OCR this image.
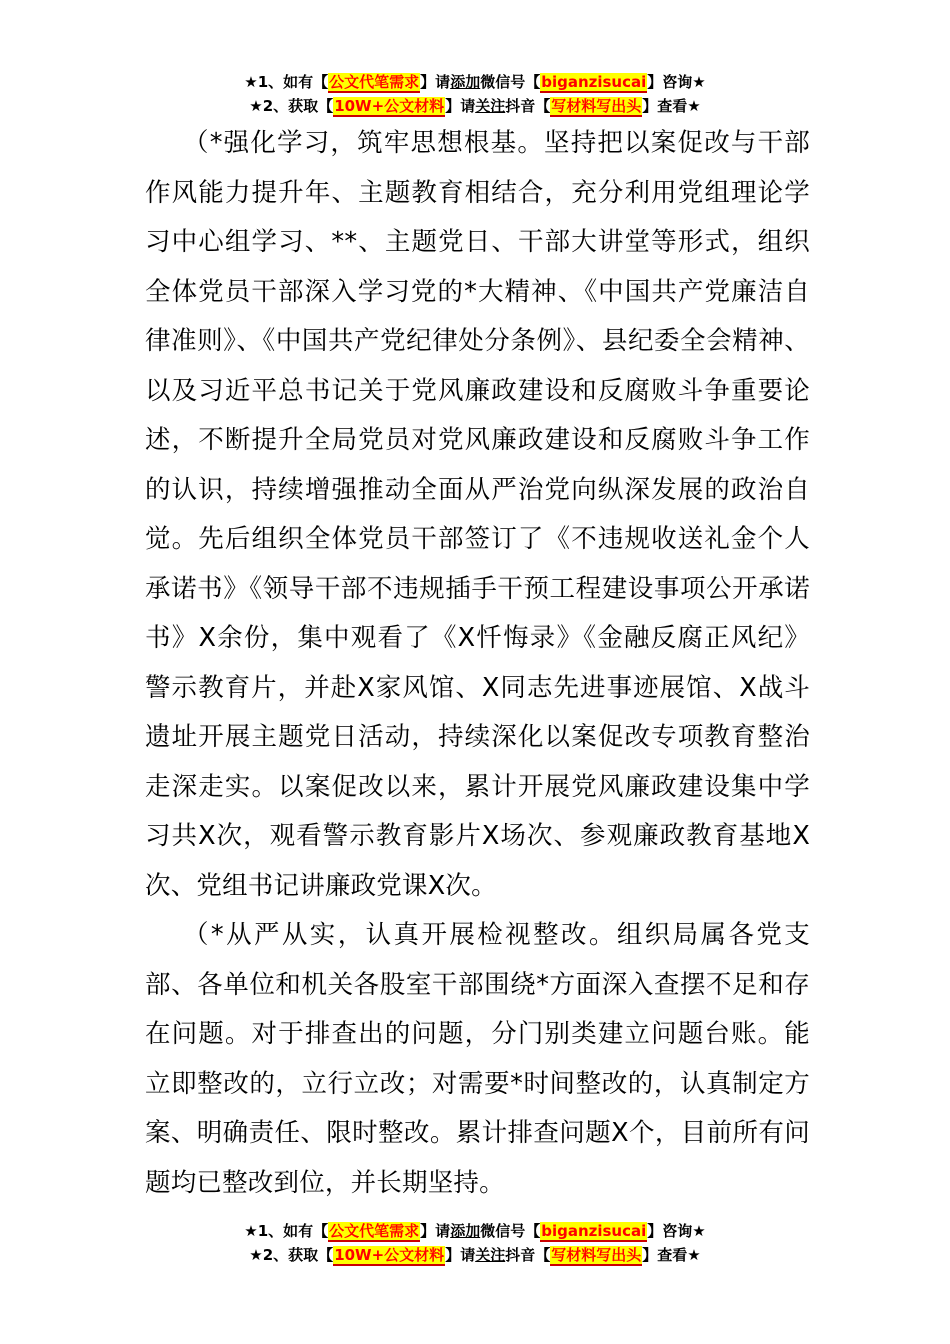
★1、如有【公文代笔需求】请添加微信号【biganzisucai】咨询★
★2、获取【10W+公文材料】请关注抖音【写材料写出头】查看★

（*强化学习，筑牢思想根基。坚持把以案促改与干部作风能力提升年、主题教育相结合，充分利用党组理论学习中心组学习、**、主题党日、干部大讲堂等形式，组织全体党员干部深入学习党的*大精神、《中国共产党廉洁自律准则》、《中国共产党纪律处分条例》、县纪委全会精神、以及习近平总书记关于党风廉政建设和反腐败斗争重要论述，不断提升全局党员对党风廉政建设和反腐败斗争工作的认识，持续增强推动全面从严治党向纵深发展的政治自觉。先后组织全体党员干部签订了《不违规收送礼金个人承诺书》《领导干部不违规插手干预工程建设事项公开承诺书》X余份，集中观看了《X忏悔录》《金融反腐正风纪》警示教育片，并赴X家风馆、X同志先进事迹展馆、X战斗遗址开展主题党日活动，持续深化以案促改专项教育整治走深走实。以案促改以来，累计开展党风廉政建设集中学习共X次，观看警示教育影片X场次、参观廉政教育基地X次、党组书记讲廉政党课X次。

（*从严从实，认真开展检视整改。组织局属各党支部、各单位和机关各股室干部围绕*方面深入查摆不足和存在问题。对于排查出的问题，分门别类建立问题台账。能立即整改的，立行立改；对需要*时间整改的，认真制定方案、明确责任、限时整改。累计排查问题X个，目前所有问题均已整改到位，并长期坚持。

★1、如有【公文代笔需求】请添加微信号【biganzisucai】咨询★
★2、获取【10W+公文材料】请关注抖音【写材料写出头】查看★
